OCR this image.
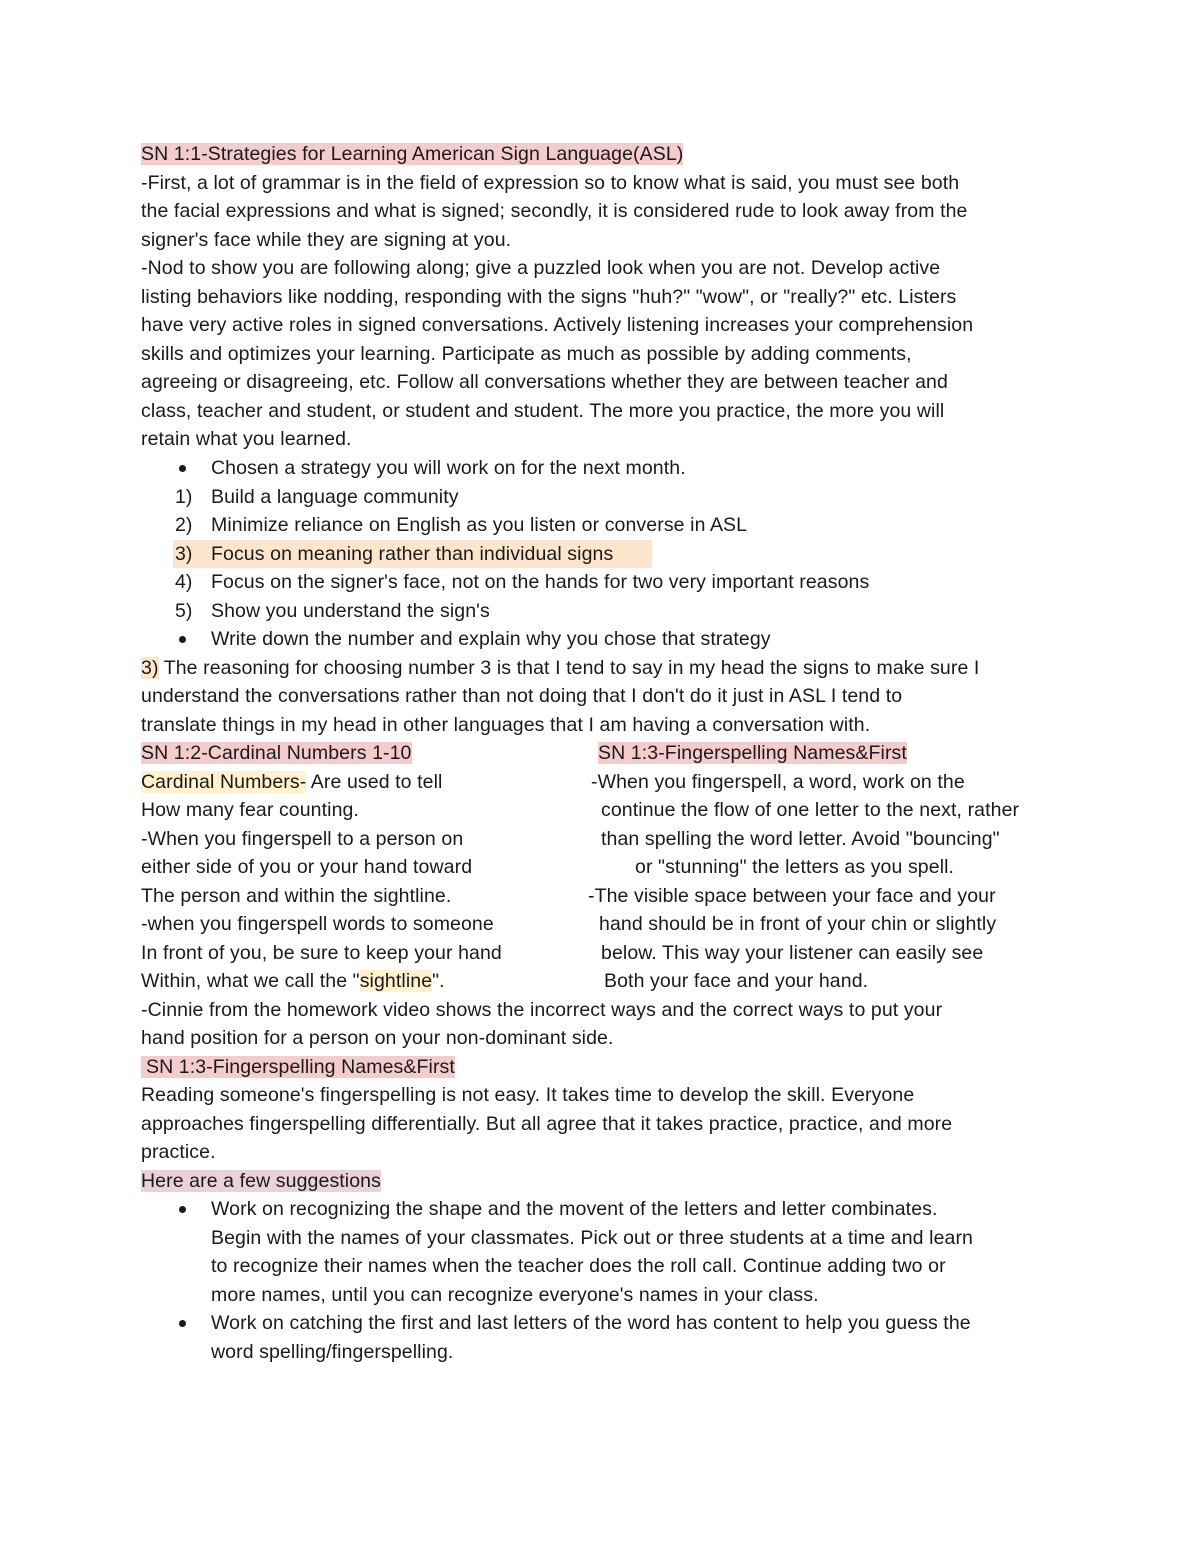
SN 1:1-Strategies for Learning American Sign Language(ASL)
-First, a lot of grammar is in the field of expression so to know what is said, you must see both
the facial expressions and what is signed; secondly, it is considered rude to look away from the
signer's face while they are signing at you.
-Nod to show you are following along; give a puzzled look when you are not. Develop active
listing behaviors like nodding, responding with the signs "huh?" "wow", or "really?" etc. Listers
have very active roles in signed conversations. Actively listening increases your comprehension
skills and optimizes your learning. Participate as much as possible by adding comments,
agreeing or disagreeing, etc. Follow all conversations whether they are between teacher and
class, teacher and student, or student and student. The more you practice, the more you will
retain what you learned.
Chosen a strategy you will work on for the next month.
1) Build a language community
2) Minimize reliance on English as you listen or converse in ASL
3) Focus on meaning rather than individual signs
4) Focus on the signer's face, not on the hands for two very important reasons
5) Show you understand the sign's
Write down the number and explain why you chose that strategy
3) The reasoning for choosing number 3 is that I tend to say in my head the signs to make sure I
understand the conversations rather than not doing that I don't do it just in ASL I tend to
translate things in my head in other languages that I am having a conversation with.
SN 1:2-Cardinal Numbers 1-10
Cardinal Numbers- Are used to tell
How many fear counting.
-When you fingerspell to a person on
either side of you or your hand toward
The person and within the sightline.
-when you fingerspell words to someone
In front of you, be sure to keep your hand
Within, what we call the "sightline".
SN 1:3-Fingerspelling Names&First
-When you fingerspell, a word, work on the
continue the flow of one letter to the next, rather
than spelling the word letter. Avoid "bouncing"
or "stunning" the letters as you spell.
-The visible space between your face and your
hand should be in front of your chin or slightly
below. This way your listener can easily see
Both your face and your hand.
-Cinnie from the homework video shows the incorrect ways and the correct ways to put your
hand position for a person on your non-dominant side.
SN 1:3-Fingerspelling Names&First
Reading someone's fingerspelling is not easy. It takes time to develop the skill. Everyone
approaches fingerspelling differentially. But all agree that it takes practice, practice, and more
practice.
Here are a few suggestions
Work on recognizing the shape and the movent of the letters and letter combinates.
Begin with the names of your classmates. Pick out or three students at a time and learn
to recognize their names when the teacher does the roll call. Continue adding two or
more names, until you can recognize everyone's names in your class.
Work on catching the first and last letters of the word has content to help you guess the
word spelling/fingerspelling.
